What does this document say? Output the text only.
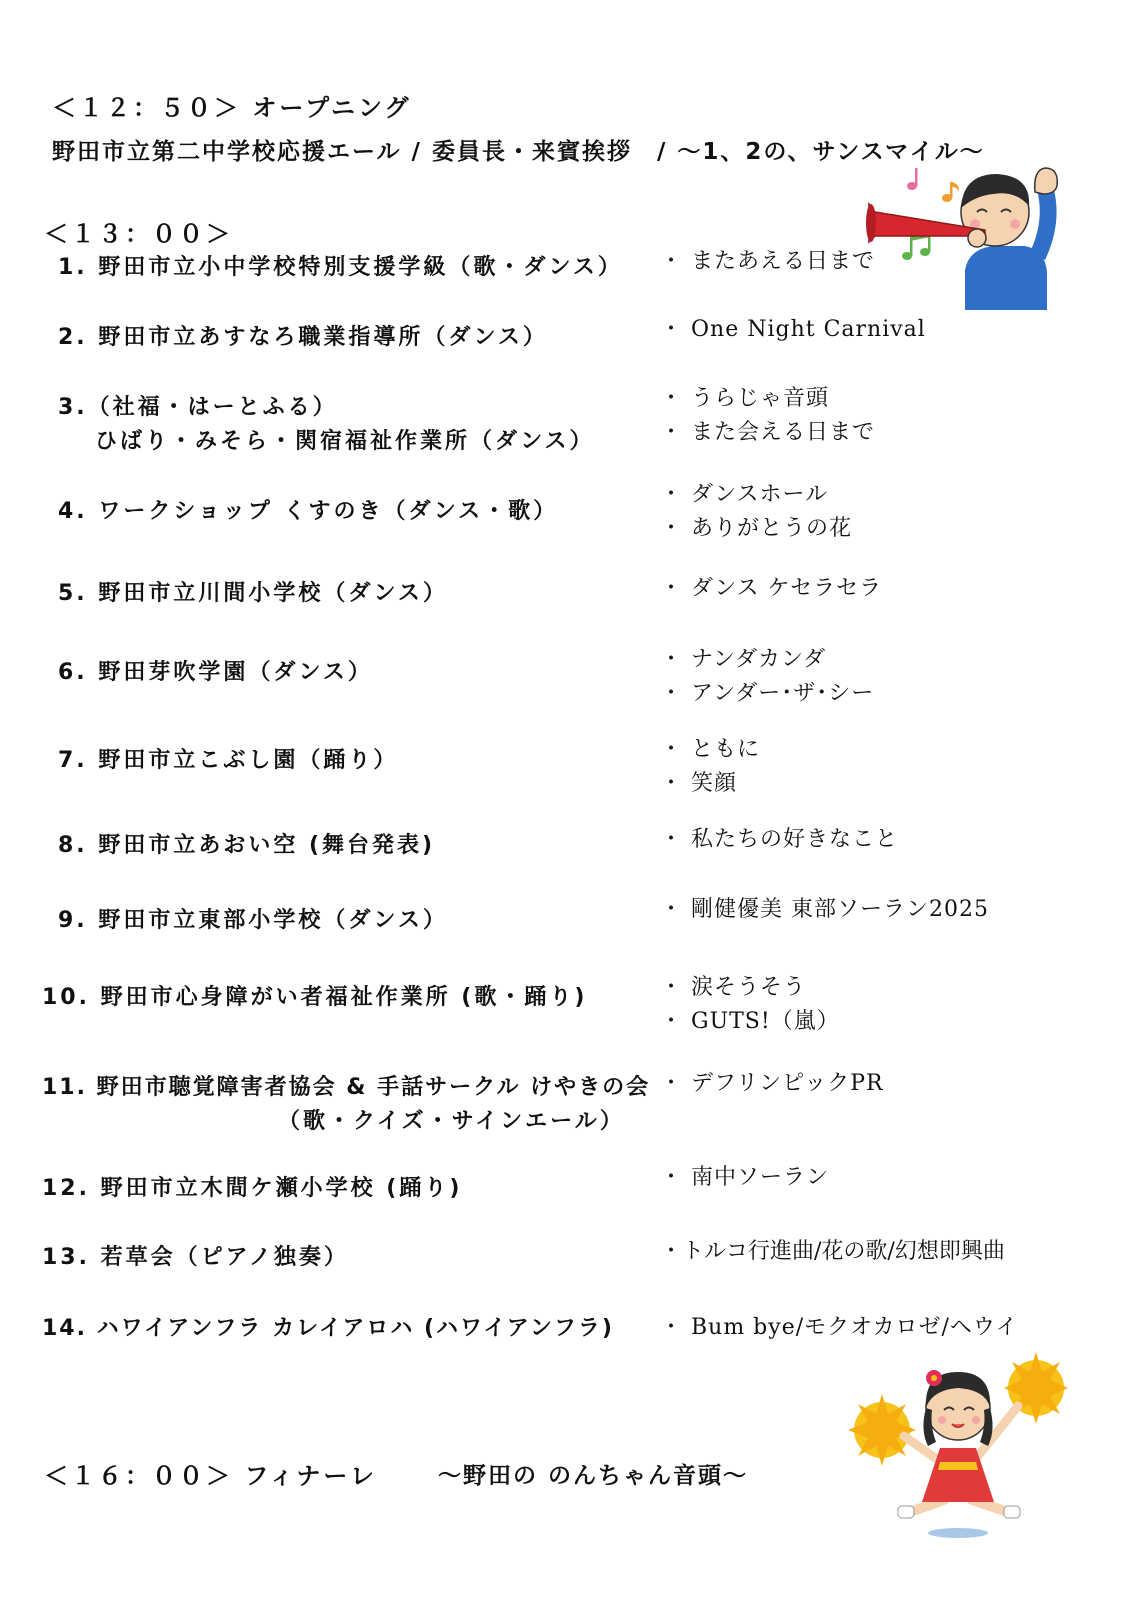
＜１２：５０＞ オープニング
野田市立第二中学校応援エール / 委員長・来賓挨拶　/ ～1、2の、サンスマイル～
＜１３：００＞
1. 野田市立小中学校特別支援学級（歌・ダンス） ・ またあえる日まで
2. 野田市立あすなろ職業指導所（ダンス）	・ One Night Carnival
3.（社福・はーとふる）
ひばり・みそら・関宿福祉作業所（ダンス）
・ うらじゃ音頭
・ また会える日まで
4. ワークショップ くすのき（ダンス・歌）
・ ダンスホール
・ ありがとうの花
5. 野田市立川間小学校（ダンス）	・ ダンス ケセラセラ
6. 野田芽吹学園（ダンス）
・ ナンダカンダ
・ アンダー･ザ･シー
7. 野田市立こぶし園（踊り）	・ ともに
・ 笑顔
8. 野田市立あおい空 (舞台発表)	・ 私たちの好きなこと
9. 野田市立東部小学校（ダンス）	・ 剛健優美 東部ソーラン2025
10. 野田市心身障がい者福祉作業所 (歌・踊り)	・ 涙そうそう
・ GUTS!（嵐）
11. 野田市聴覚障害者協会 & 手話サークル けやきの会
（歌・クイズ・サインエール）
・ デフリンピックPR
12. 野田市立木間ケ瀬小学校 (踊り)	・ 南中ソーラン
13. 若草会（ピアノ独奏）	・トルコ行進曲/花の歌/幻想即興曲
14. ハワイアンフラ カレイアロハ (ハワイアンフラ) ・ Bum bye/モクオカロゼ/ヘウイ
＜１６：００＞ フィナーレ	～野田の のんちゃん音頭～
